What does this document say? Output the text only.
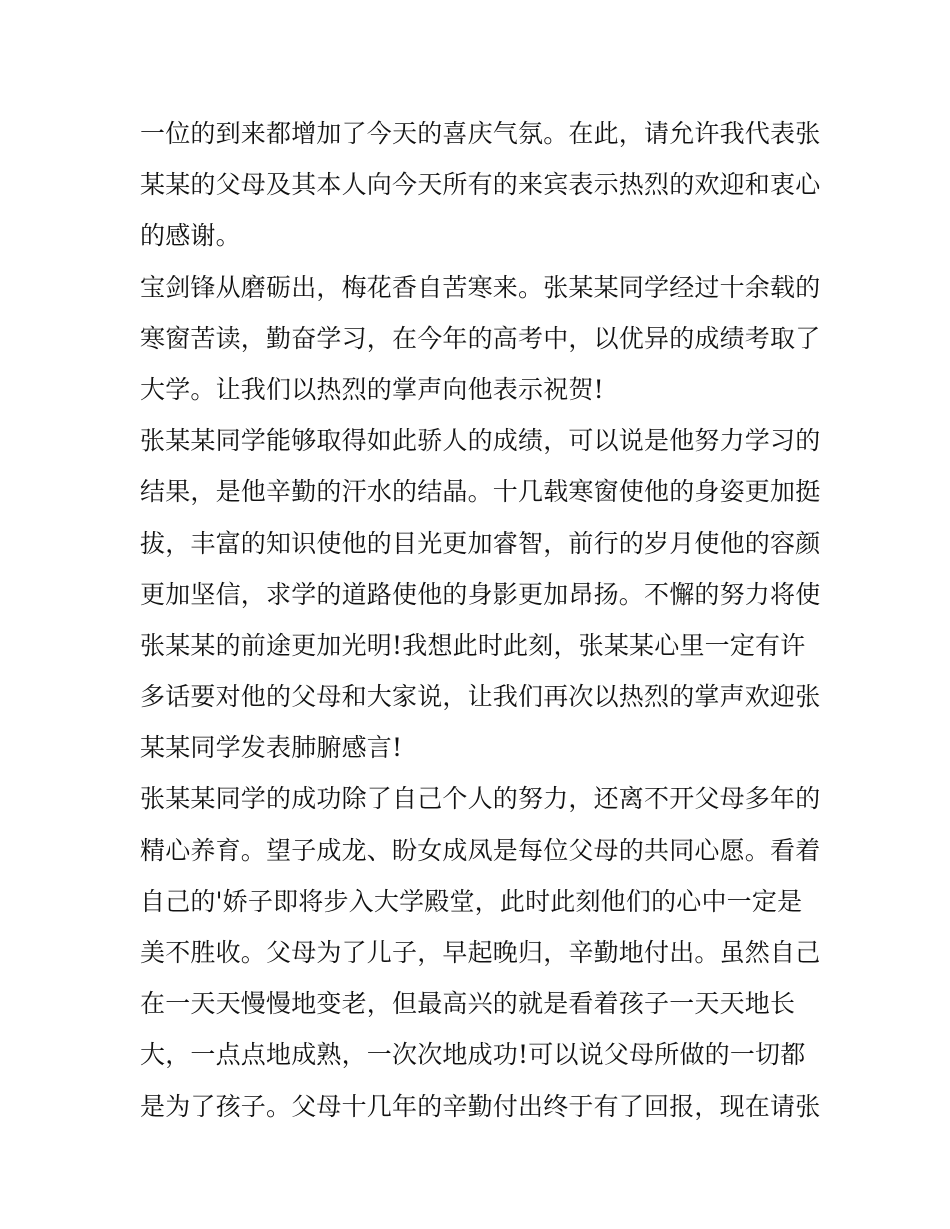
一位的到来都增加了今天的喜庆气氛。在此，请允许我代表张
某某的父母及其本人向今天所有的来宾表示热烈的欢迎和衷心
的感谢。
宝剑锋从磨砺出，梅花香自苦寒来。张某某同学经过十余载的
寒窗苦读，勤奋学习，在今年的高考中，以优异的成绩考取了
大学。让我们以热烈的掌声向他表示祝贺!
张某某同学能够取得如此骄人的成绩，可以说是他努力学习的
结果，是他辛勤的汗水的结晶。十几载寒窗使他的身姿更加挺
拔，丰富的知识使他的目光更加睿智，前行的岁月使他的容颜
更加坚信，求学的道路使他的身影更加昂扬。不懈的努力将使
张某某的前途更加光明!我想此时此刻，张某某心里一定有许
多话要对他的父母和大家说，让我们再次以热烈的掌声欢迎张
某某同学发表肺腑感言!
张某某同学的成功除了自己个人的努力，还离不开父母多年的
精心养育。望子成龙、盼女成凤是每位父母的共同心愿。看着
自己的'娇子即将步入大学殿堂，此时此刻他们的心中一定是
美不胜收。父母为了儿子，早起晚归，辛勤地付出。虽然自己
在一天天慢慢地变老，但最高兴的就是看着孩子一天天地长
大，一点点地成熟，一次次地成功!可以说父母所做的一切都
是为了孩子。父母十几年的辛勤付出终于有了回报，现在请张
